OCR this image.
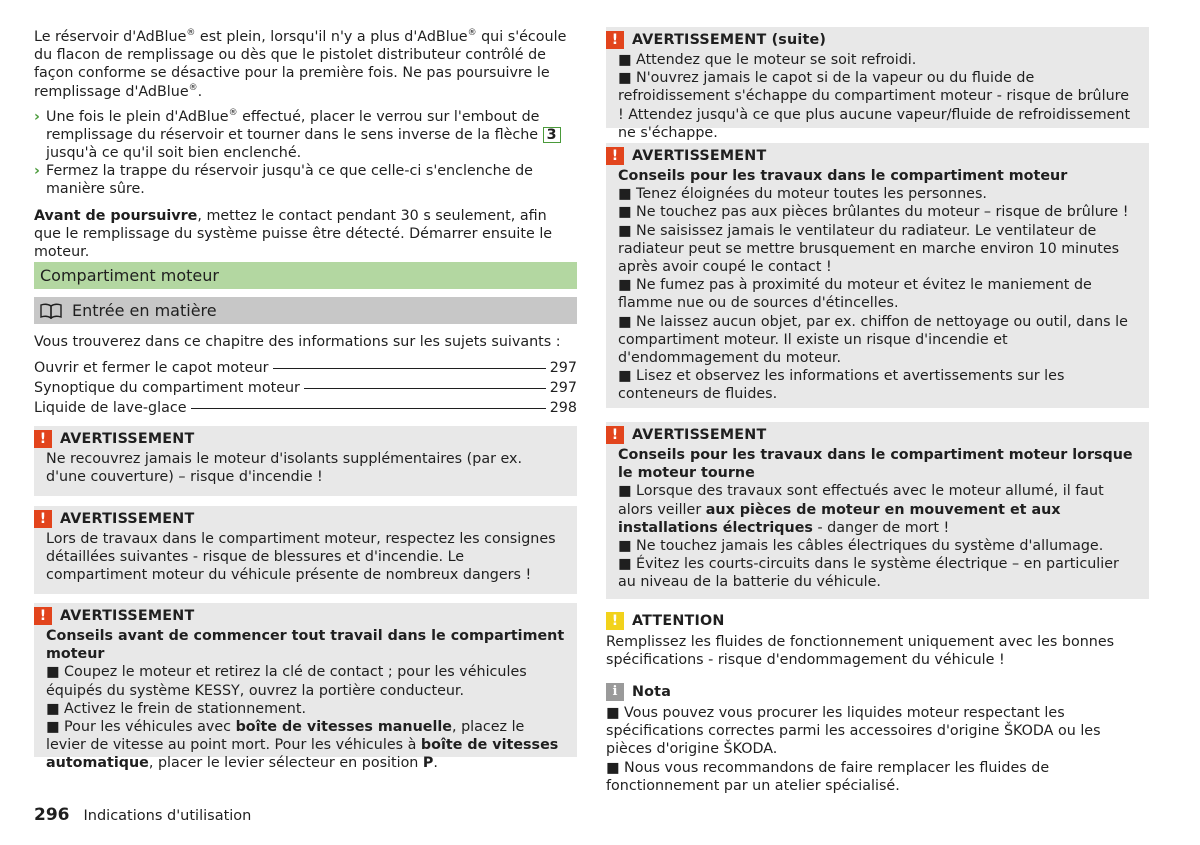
Le réservoir d'AdBlue® est plein, lorsqu'il n'y a plus d'AdBlue® qui s'écoule du flacon de remplissage ou dès que le pistolet distributeur contrôlé de façon conforme se désactive pour la première fois. Ne pas poursuivre le remplissage d'AdBlue®.

› Une fois le plein d'AdBlue® effectué, placer le verrou sur l'embout de remplissage du réservoir et tourner dans le sens inverse de la flèche 3 jusqu'à ce qu'il soit bien enclenché.
› Fermez la trappe du réservoir jusqu'à ce que celle-ci s'enclenche de manière sûre.

Avant de poursuivre, mettez le contact pendant 30 s seulement, afin que le remplissage du système puisse être détecté. Démarrer ensuite le moteur.

Compartiment moteur
Entrée en matière

Vous trouverez dans ce chapitre des informations sur les sujets suivants :

Ouvrir et fermer le capot moteur	297
Synoptique du compartiment moteur	297
Liquide de lave-glace	298
! AVERTISSEMENT

Ne recouvrez jamais le moteur d'isolants supplémentaires (par ex. d'une couverture) – risque d'incendie !

! AVERTISSEMENT

Lors de travaux dans le compartiment moteur, respectez les consignes détaillées suivantes - risque de blessures et d'incendie. Le compartiment moteur du véhicule présente de nombreux dangers !

! AVERTISSEMENT

Conseils avant de commencer tout travail dans le compartiment moteur

■ Coupez le moteur et retirez la clé de contact ; pour les véhicules équipés du système KESSY, ouvrez la portière conducteur.

■ Activez le frein de stationnement.

■ Pour les véhicules avec boîte de vitesses manuelle, placez le levier de vitesse au point mort. Pour les véhicules à boîte de vitesses automatique, placer le levier sélecteur en position P.

! AVERTISSEMENT (suite)

■ Attendez que le moteur se soit refroidi.

■ N'ouvrez jamais le capot si de la vapeur ou du fluide de refroidissement s'échappe du compartiment moteur - risque de brûlure ! Attendez jusqu'à ce que plus aucune vapeur/fluide de refroidissement ne s'échappe.

! AVERTISSEMENT

Conseils pour les travaux dans le compartiment moteur

■ Tenez éloignées du moteur toutes les personnes.

■ Ne touchez pas aux pièces brûlantes du moteur – risque de brûlure !

■ Ne saisissez jamais le ventilateur du radiateur. Le ventilateur de radiateur peut se mettre brusquement en marche environ 10 minutes après avoir coupé le contact !

■ Ne fumez pas à proximité du moteur et évitez le maniement de flamme nue ou de sources d'étincelles.

■ Ne laissez aucun objet, par ex. chiffon de nettoyage ou outil, dans le compartiment moteur. Il existe un risque d'incendie et d'endommagement du moteur.

■ Lisez et observez les informations et avertissements sur les conteneurs de fluides.

! AVERTISSEMENT

Conseils pour les travaux dans le compartiment moteur lorsque le moteur tourne

■ Lorsque des travaux sont effectués avec le moteur allumé, il faut alors veiller aux pièces de moteur en mouvement et aux installations électriques - danger de mort !

■ Ne touchez jamais les câbles électriques du système d'allumage.

■ Évitez les courts-circuits dans le système électrique – en particulier au niveau de la batterie du véhicule.

! ATTENTION

Remplissez les fluides de fonctionnement uniquement avec les bonnes spécifications - risque d'endommagement du véhicule !

i	Nota

■ Vous pouvez vous procurer les liquides moteur respectant les spécifications correctes parmi les accessoires d'origine ŠKODA ou les pièces d'origine ŠKODA.

■ Nous vous recommandons de faire remplacer les fluides de fonctionnement par un atelier spécialisé.

296 Indications d'utilisation
